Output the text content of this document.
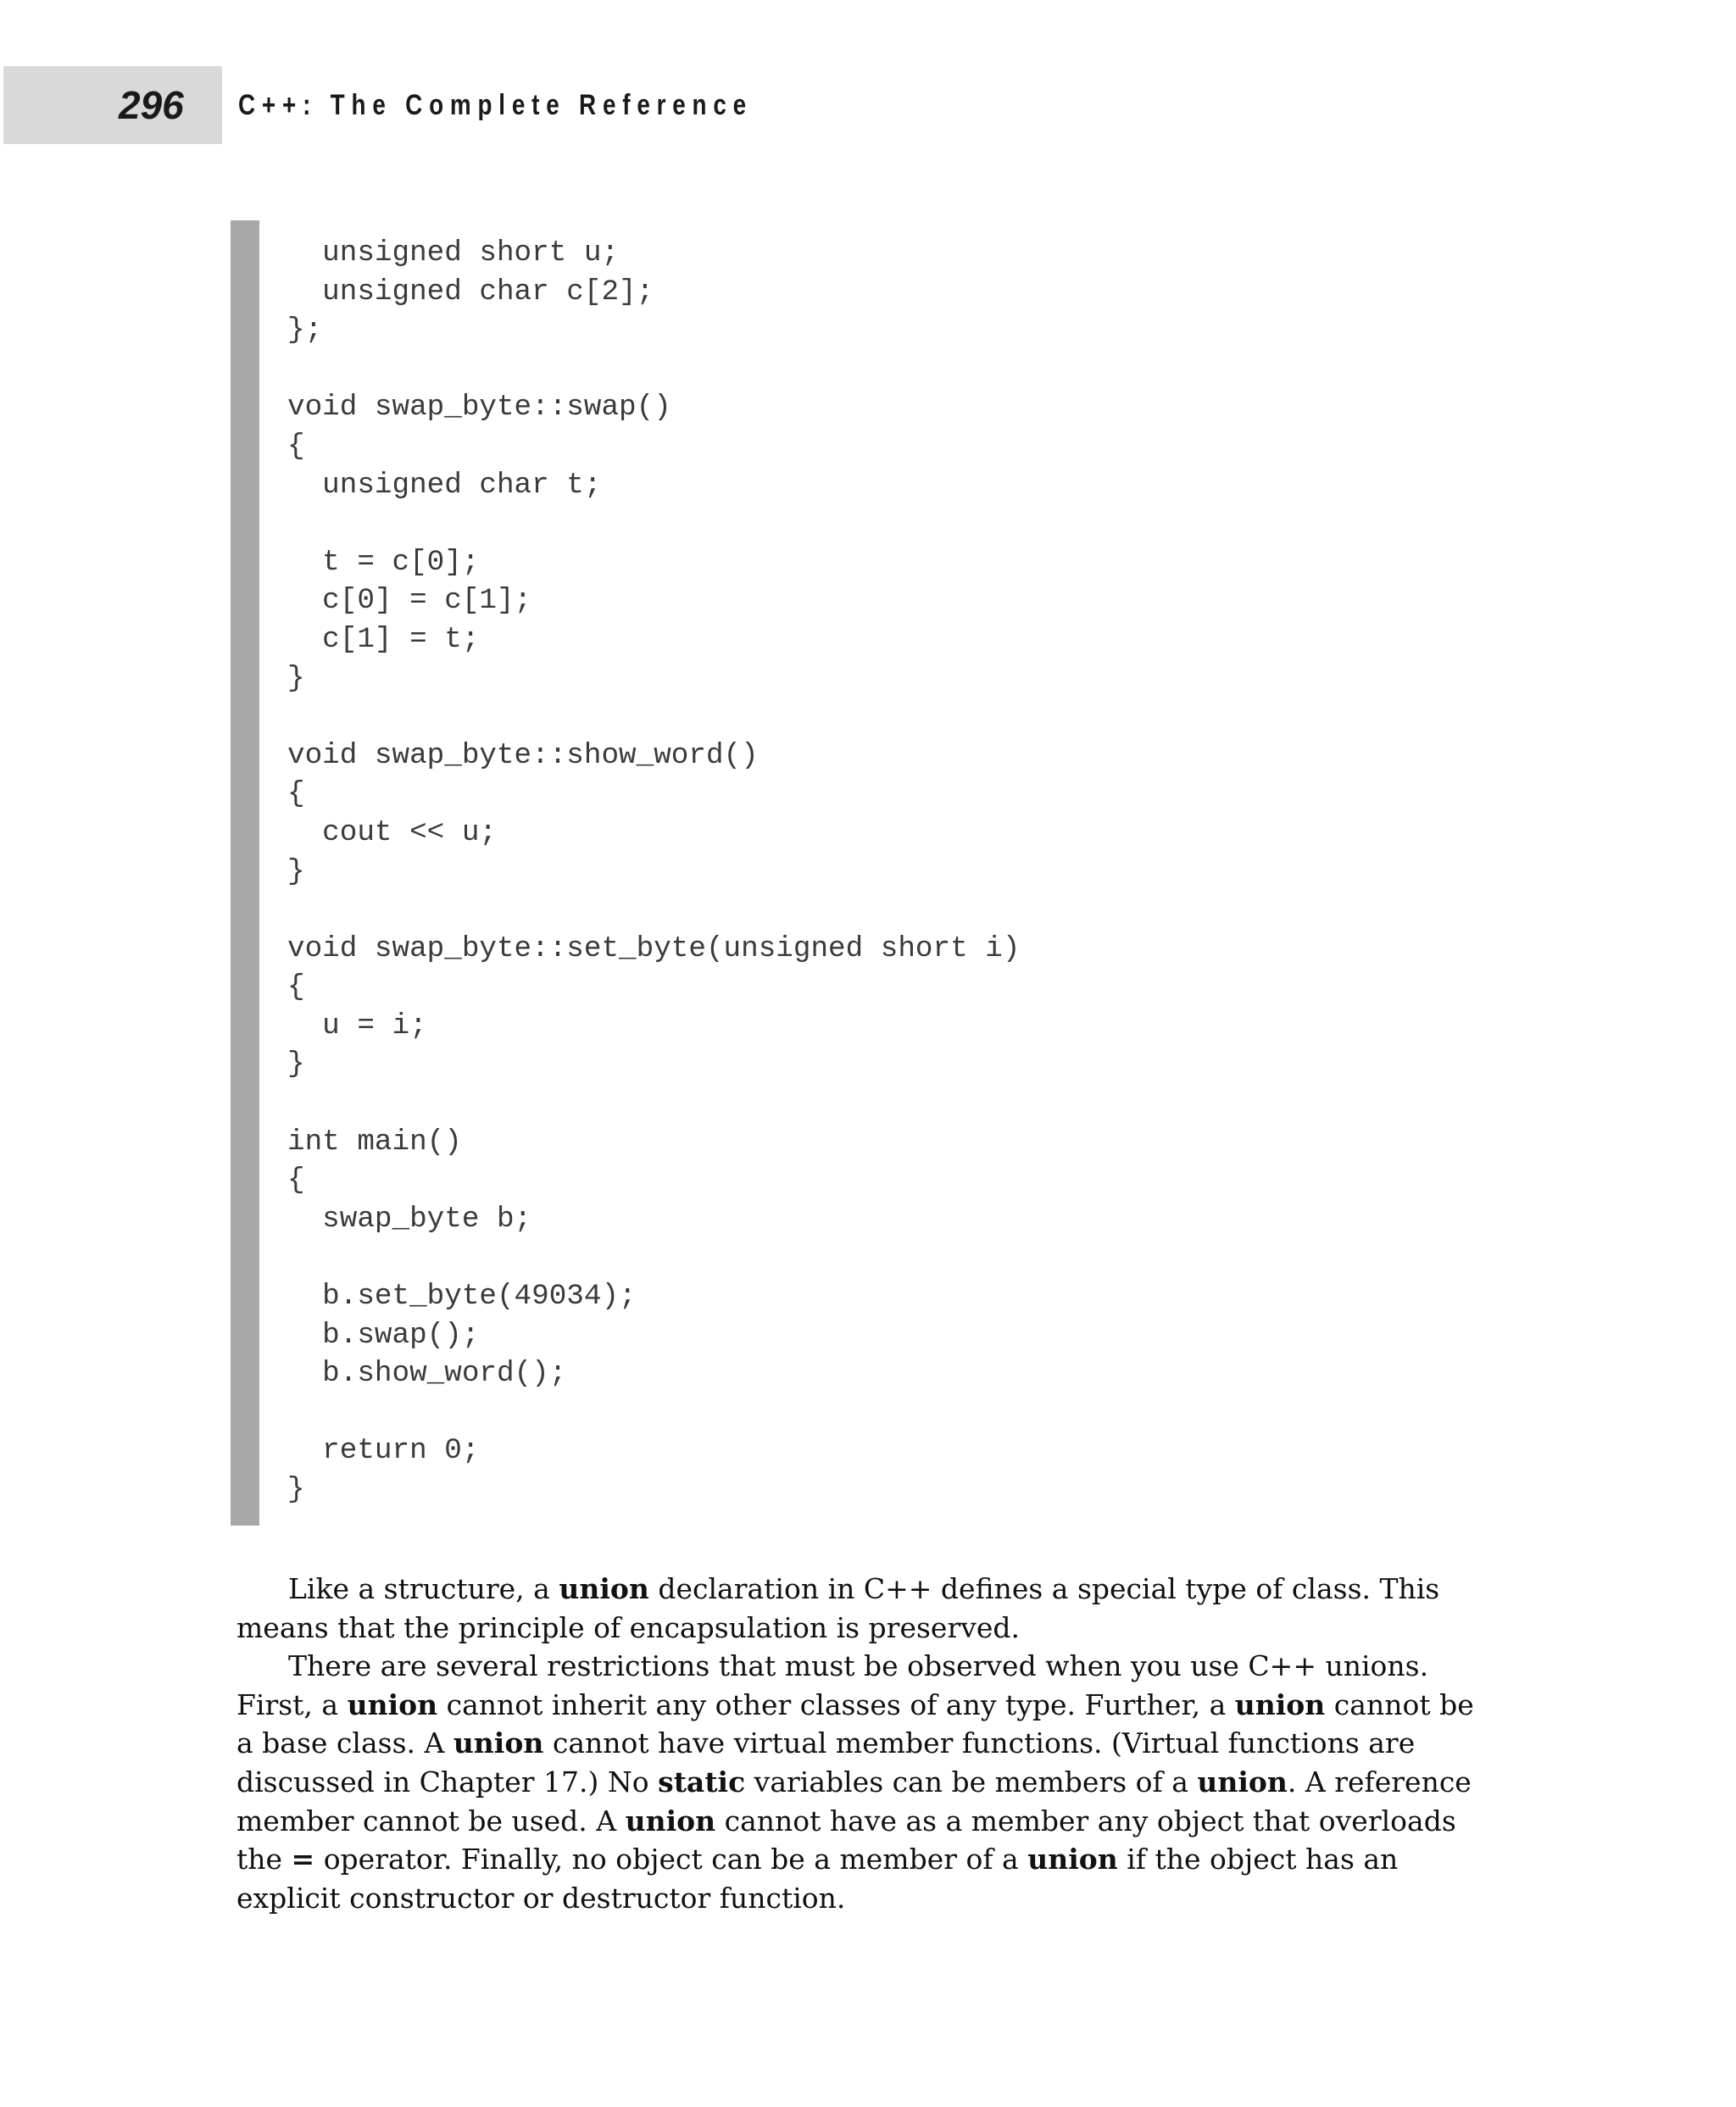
296 C++: The Complete Reference
unsigned short u;
unsigned char c[2];
};

void swap_byte::swap()
{
unsigned char t;

t = c[0];
c[0] = c[1];
c[1] = t;
}

void swap_byte::show_word()
{
cout << u;
}

void swap_byte::set_byte(unsigned short i)
{
u = i;
}

int main()
{
swap_byte b;

b.set_byte(49034);
b.swap();
b.show_word();

return 0;
}

Like a structure, a union declaration in C++ defines a special type of class. This means that the principle of encapsulation is preserved.

There are several restrictions that must be observed when you use C++ unions. First, a union cannot inherit any other classes of any type. Further, a union cannot be a base class. A union cannot have virtual member functions. (Virtual functions are discussed in Chapter 17.) No static variables can be members of a union. A reference member cannot be used. A union cannot have as a member any object that overloads the = operator. Finally, no object can be a member of a union if the object has an explicit constructor or destructor function.
